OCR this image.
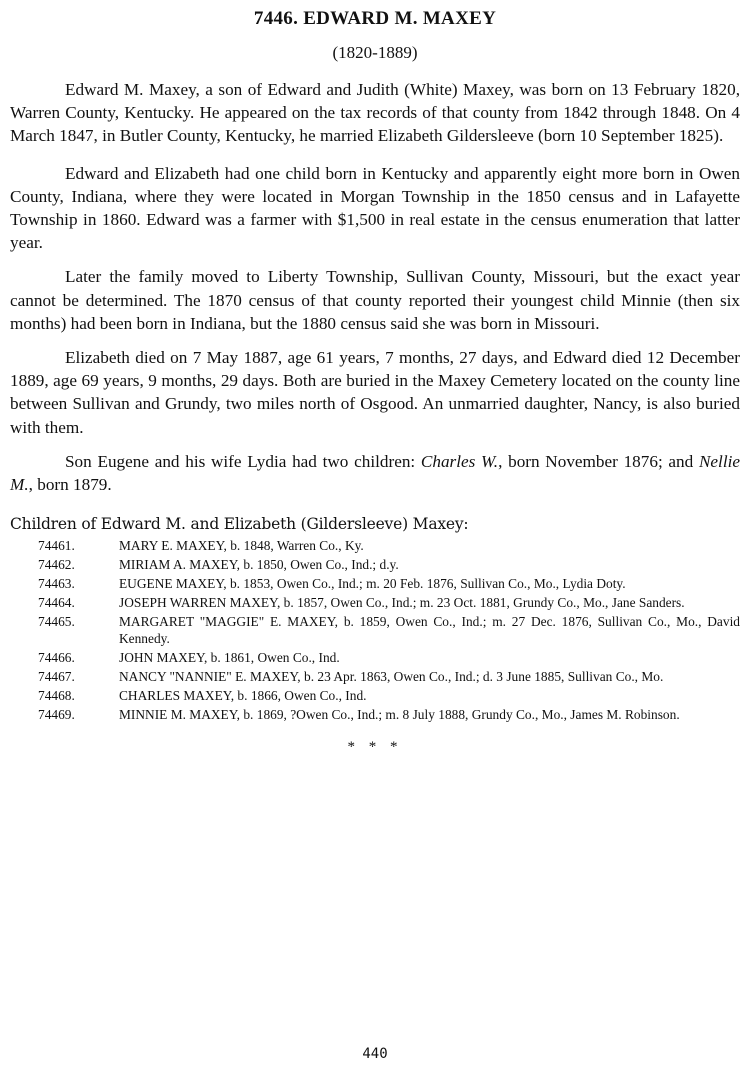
7446. EDWARD M. MAXEY
(1820-1889)

Edward M. Maxey, a son of Edward and Judith (White) Maxey, was born on 13 February 1820, Warren County, Kentucky. He appeared on the tax records of that county from 1842 through 1848. On 4 March 1847, in Butler County, Kentucky, he married Elizabeth Gildersleeve (born 10 September 1825).

Edward and Elizabeth had one child born in Kentucky and apparently eight more born in Owen County, Indiana, where they were located in Morgan Township in the 1850 census and in Lafayette Township in 1860. Edward was a farmer with $1,500 in real estate in the census enumeration that latter year.

Later the family moved to Liberty Township, Sullivan County, Missouri, but the exact year cannot be determined. The 1870 census of that county reported their youngest child Minnie (then six months) had been born in Indiana, but the 1880 census said she was born in Missouri.

Elizabeth died on 7 May 1887, age 61 years, 7 months, 27 days, and Edward died 12 December 1889, age 69 years, 9 months, 29 days. Both are buried in the Maxey Cemetery located on the county line between Sullivan and Grundy, two miles north of Osgood. An unmarried daughter, Nancy, is also buried with them.

Son Eugene and his wife Lydia had two children: Charles W., born November 1876; and Nellie M., born 1879.

Children of Edward M. and Elizabeth (Gildersleeve) Maxey:
74461.	MARY E. MAXEY, b. 1848, Warren Co., Ky.
74462.	MIRIAM A. MAXEY, b. 1850, Owen Co., Ind.; d.y.
74463.	EUGENE MAXEY, b. 1853, Owen Co., Ind.; m. 20 Feb. 1876, Sullivan Co., Mo., Lydia Doty.
74464.	JOSEPH WARREN MAXEY, b. 1857, Owen Co., Ind.; m. 23 Oct. 1881, Grundy Co., Mo., Jane Sanders.
74465.	MARGARET "MAGGIE" E. MAXEY, b. 1859, Owen Co., Ind.; m. 27 Dec. 1876, Sullivan Co., Mo., David Kennedy.
74466.	JOHN MAXEY, b. 1861, Owen Co., Ind.
74467.	NANCY "NANNIE" E. MAXEY, b. 23 Apr. 1863, Owen Co., Ind.; d. 3 June 1885, Sullivan Co., Mo.
74468.	CHARLES MAXEY, b. 1866, Owen Co., Ind.
74469.	MINNIE M. MAXEY, b. 1869, ?Owen Co., Ind.; m. 8 July 1888, Grundy Co., Mo., James M. Robinson.
* * *
440
